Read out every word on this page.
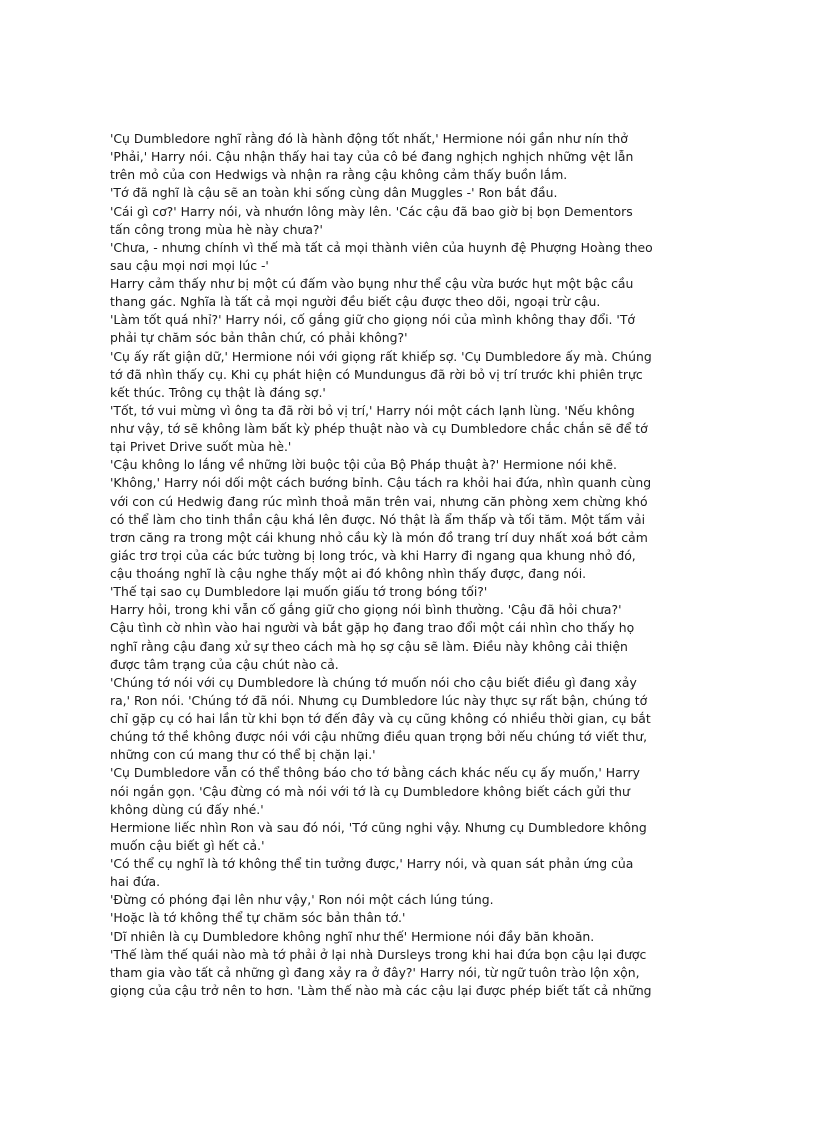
'Cụ Dumbledore nghĩ rằng đó là hành động tốt nhất,' Hermione nói gần như nín thở
'Phải,' Harry nói. Cậu nhận thấy hai tay của cô bé đang nghịch nghịch những vệt lẫn
trên mỏ của con Hedwigs và nhận ra rằng cậu không cảm thấy buồn lắm.
'Tớ đã nghĩ là cậu sẽ an toàn khi sống cùng dân Muggles -' Ron bắt đầu.
'Cái gì cơ?' Harry nói, và nhướn lông mày lên. 'Các cậu đã bao giờ bị bọn Dementors
tấn công trong mùa hè này chưa?'
'Chưa, - nhưng chính vì thế mà tất cả mọi thành viên của huynh đệ Phượng Hoàng theo
sau cậu mọi nơi mọi lúc -'
Harry cảm thấy như bị một cú đấm vào bụng như thể cậu vừa bước hụt một bậc cầu
thang gác. Nghĩa là tất cả mọi người đều biết cậu được theo dõi, ngoại trừ cậu.
'Làm tốt quá nhỉ?' Harry nói, cố gắng giữ cho giọng nói của mình không thay đổi. 'Tớ
phải tự chăm sóc bản thân chứ, có phải không?'
'Cụ ấy rất giận dữ,' Hermione nói với giọng rất khiếp sợ. 'Cụ Dumbledore ấy mà. Chúng
tớ đã nhìn thấy cụ. Khi cụ phát hiện có Mundungus đã rời bỏ vị trí trước khi phiên trực
kết thúc. Trông cụ thật là đáng sợ.'
'Tốt, tớ vui mừng vì ông ta đã rời bỏ vị trí,' Harry nói một cách lạnh lùng. 'Nếu không
như vậy, tớ sẽ không làm bất kỳ phép thuật nào và cụ Dumbledore chắc chắn sẽ để tớ
tại Privet Drive suốt mùa hè.'
'Cậu không lo lắng về những lời buộc tội của Bộ Pháp thuật à?' Hermione nói khẽ.
'Không,' Harry nói dối một cách bướng bỉnh. Cậu tách ra khỏi hai đứa, nhìn quanh cùng
với con cú Hedwig đang rúc mình thoả mãn trên vai, nhưng căn phòng xem chừng khó
có thể làm cho tinh thần cậu khá lên được. Nó thật là ẩm thấp và tối tăm. Một tấm vải
trơn căng ra trong một cái khung nhỏ cầu kỳ là món đồ trang trí duy nhất xoá bớt cảm
giác trơ trọi của các bức tường bị long tróc, và khi Harry đi ngang qua khung nhỏ đó,
cậu thoáng nghĩ là cậu nghe thấy một ai đó không nhìn thấy được, đang nói.
'Thế tại sao cụ Dumbledore lại muốn giấu tớ trong bóng tối?'
Harry hỏi, trong khi vẫn cố gắng giữ cho giọng nói bình thường. 'Cậu đã hỏi chưa?'
Cậu tình cờ nhìn vào hai người và bắt gặp họ đang trao đổi một cái nhìn cho thấy họ
nghĩ rằng cậu đang xử sự theo cách mà họ sợ cậu sẽ làm. Điều này không cải thiện
được tâm trạng của cậu chút nào cả.
'Chúng tớ nói với cụ Dumbledore là chúng tớ muốn nói cho cậu biết điều gì đang xảy
ra,' Ron nói. 'Chúng tớ đã nói. Nhưng cụ Dumbledore lúc này thực sự rất bận, chúng tớ
chỉ gặp cụ có hai lần từ khi bọn tớ đến đây và cụ cũng không có nhiều thời gian, cụ bắt
chúng tớ thề không được nói với cậu những điều quan trọng bởi nếu chúng tớ viết thư,
những con cú mang thư có thể bị chặn lại.'
'Cụ Dumbledore vẫn có thể thông báo cho tớ bằng cách khác nếu cụ ấy muốn,' Harry
nói ngắn gọn. 'Cậu đừng có mà nói với tớ là cụ Dumbledore không biết cách gửi thư
không dùng cú đấy nhé.'
Hermione liếc nhìn Ron và sau đó nói, 'Tớ cũng nghi vậy. Nhưng cụ Dumbledore không
muốn cậu biết gì hết cả.'
'Có thể cụ nghĩ là tớ không thể tin tưởng được,' Harry nói, và quan sát phản ứng của
hai đứa.
'Đừng có phóng đại lên như vậy,' Ron nói một cách lúng túng.
'Hoặc là tớ không thể tự chăm sóc bản thân tớ.'
'Dĩ nhiên là cụ Dumbledore không nghĩ như thế' Hermione nói đầy băn khoăn.
'Thế làm thế quái nào mà tớ phải ở lại nhà Dursleys trong khi hai đứa bọn cậu lại được
tham gia vào tất cả những gì đang xảy ra ở đây?' Harry nói, từ ngữ tuôn trào lộn xộn,
giọng của cậu trở nên to hơn. 'Làm thế nào mà các cậu lại được phép biết tất cả những
